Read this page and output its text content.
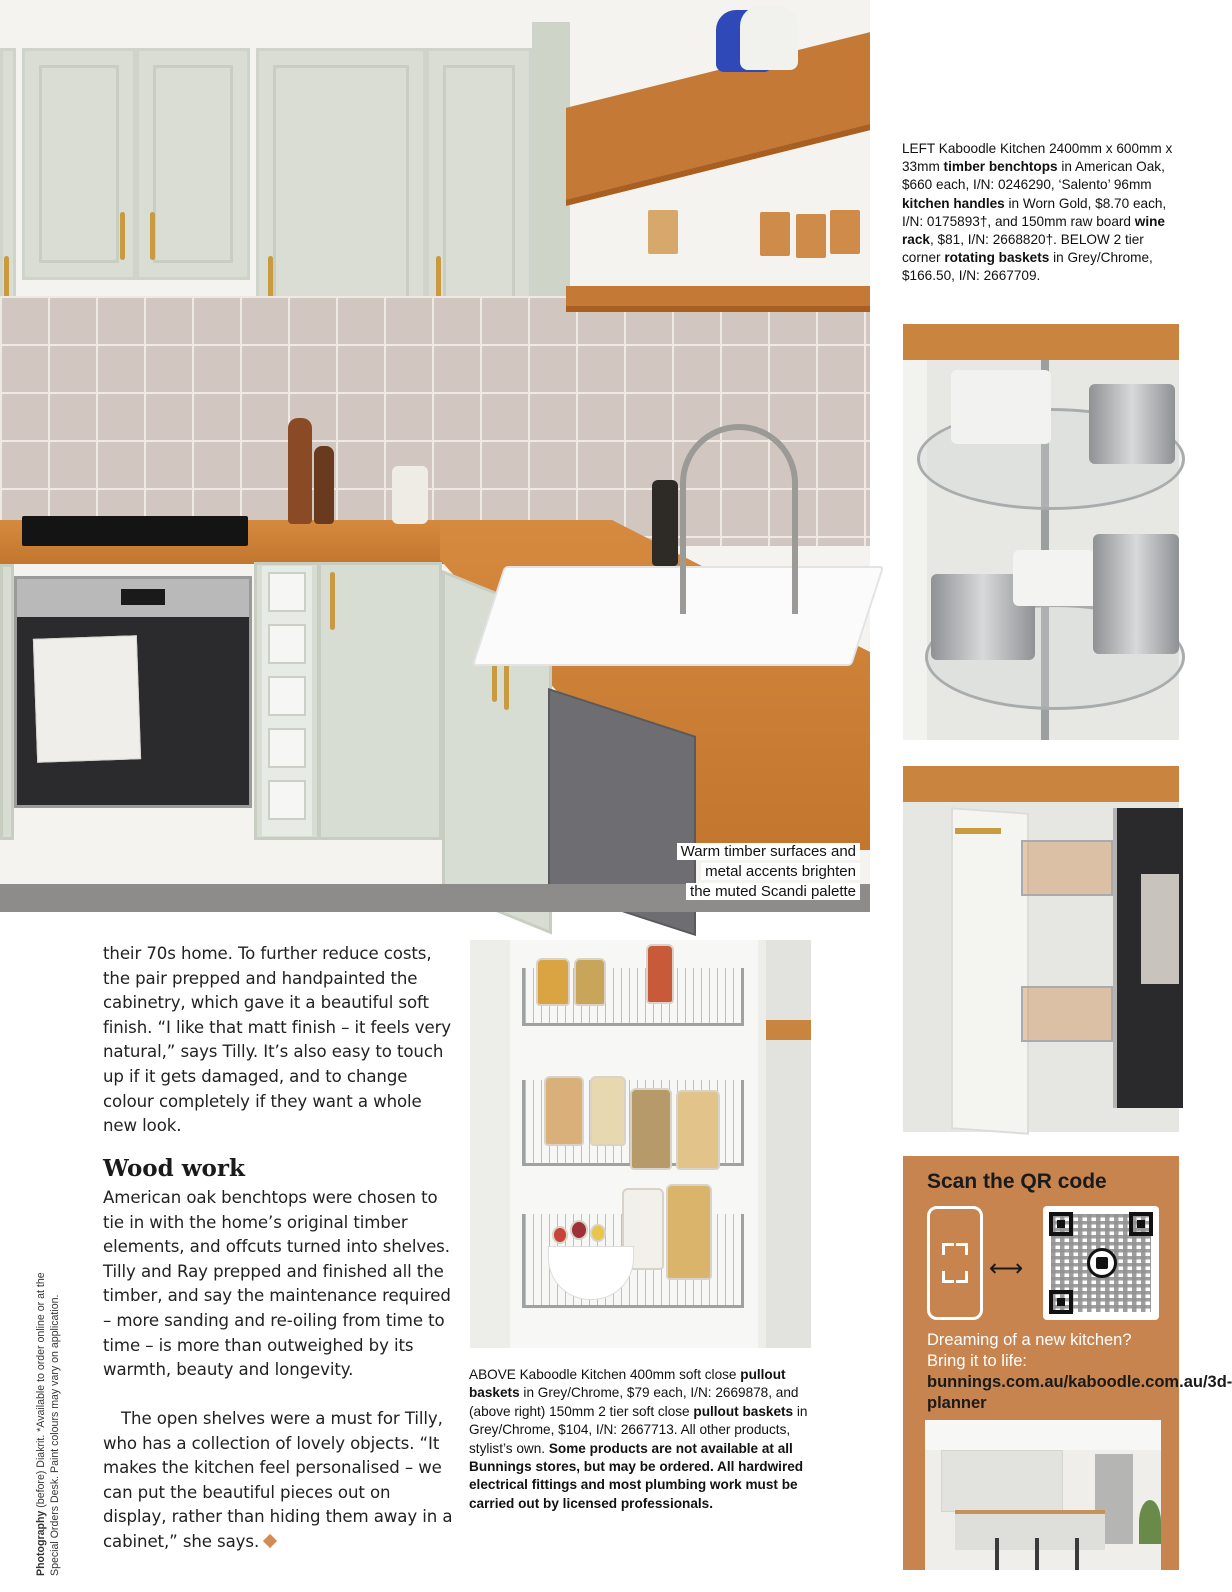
Warm timber surfaces and
metal accents brighten
the muted Scandi palette
LEFT Kaboodle Kitchen 2400mm x 600mm x 33mm timber benchtops in American Oak, $660 each, I/N: 0246290, ‘Salento’ 96mm kitchen handles in Worn Gold, $8.70 each, I/N: 0175893†, and 150mm raw board wine rack, $81, I/N: 2668820†. BELOW 2 tier corner rotating baskets in Grey/Chrome, $166.50, I/N: 2667709.
ABOVE Kaboodle Kitchen 400mm soft close pullout baskets in Grey/Chrome, $79 each, I/N: 2669878, and (above right) 150mm 2 tier soft close pullout baskets in Grey/Chrome, $104, I/N: 2667713. All other products, stylist’s own. Some products are not available at all Bunnings stores, but may be ordered. All hardwired electrical fittings and most plumbing work must be carried out by licensed professionals.
their 70s home. To further reduce costs, the pair prepped and handpainted the cabinetry, which gave it a beautiful soft finish. “I like that matt finish – it feels very natural,” says Tilly. It’s also easy to touch up if it gets damaged, and to change colour completely if they want a whole new look.
Wood work
American oak benchtops were chosen to tie in with the home’s original timber elements, and offcuts turned into shelves. Tilly and Ray prepped and finished all the timber, and say the maintenance required – more sanding and re-oiling from time to time – is more than outweighed by its warmth, beauty and longevity.
The open shelves were a must for Tilly, who has a collection of lovely objects. “It makes the kitchen feel personalised – we can put the beautiful pieces out on display, rather than hiding them away in a cabinet,” she says.
Photography (before) Diakrit. *Available to order online or at the Special Orders Desk. Paint colours may vary on application.
Scan the QR code
⟷
Dreaming of a new kitchen? Bring it to life: bunnings.com.au/kaboodle.com.au/3d-planner
